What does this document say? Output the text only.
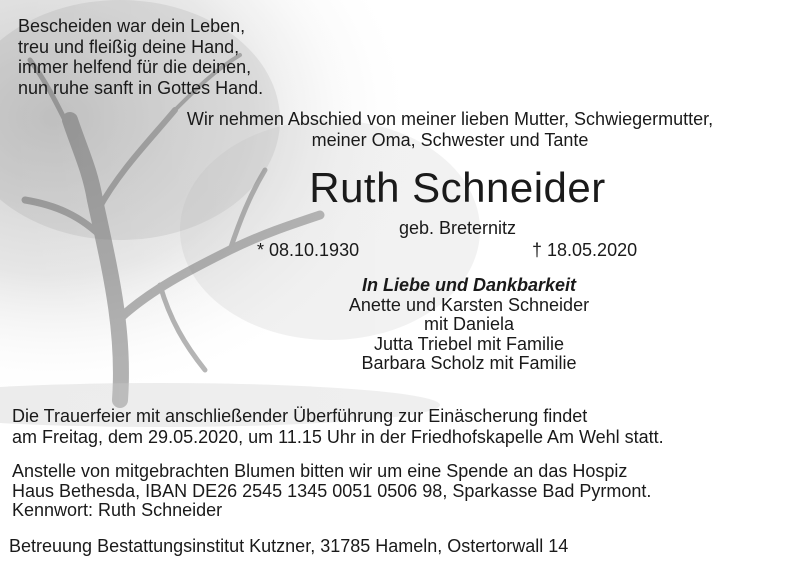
Bescheiden war dein Leben,
treu und fleißig deine Hand,
immer helfend für die deinen,
nun ruhe sanft in Gottes Hand.
Wir nehmen Abschied von meiner lieben Mutter, Schwiegermutter,
meiner Oma, Schwester und Tante
Ruth Schneider
geb. Breternitz
* 08.10.1930	† 18.05.2020
In Liebe und Dankbarkeit
Anette und Karsten Schneider
mit Daniela
Jutta Triebel mit Familie
Barbara Scholz mit Familie
Die Trauerfeier mit anschließender Überführung zur Einäscherung findet
am Freitag, dem 29.05.2020, um 11.15 Uhr in der Friedhofskapelle Am Wehl statt.
Anstelle von mitgebrachten Blumen bitten wir um eine Spende an das Hospiz
Haus Bethesda, IBAN DE26 2545 1345 0051 0506 98, Sparkasse Bad Pyrmont.
Kennwort: Ruth Schneider
Betreuung Bestattungsinstitut Kutzner, 31785 Hameln, Ostertorwall 14
